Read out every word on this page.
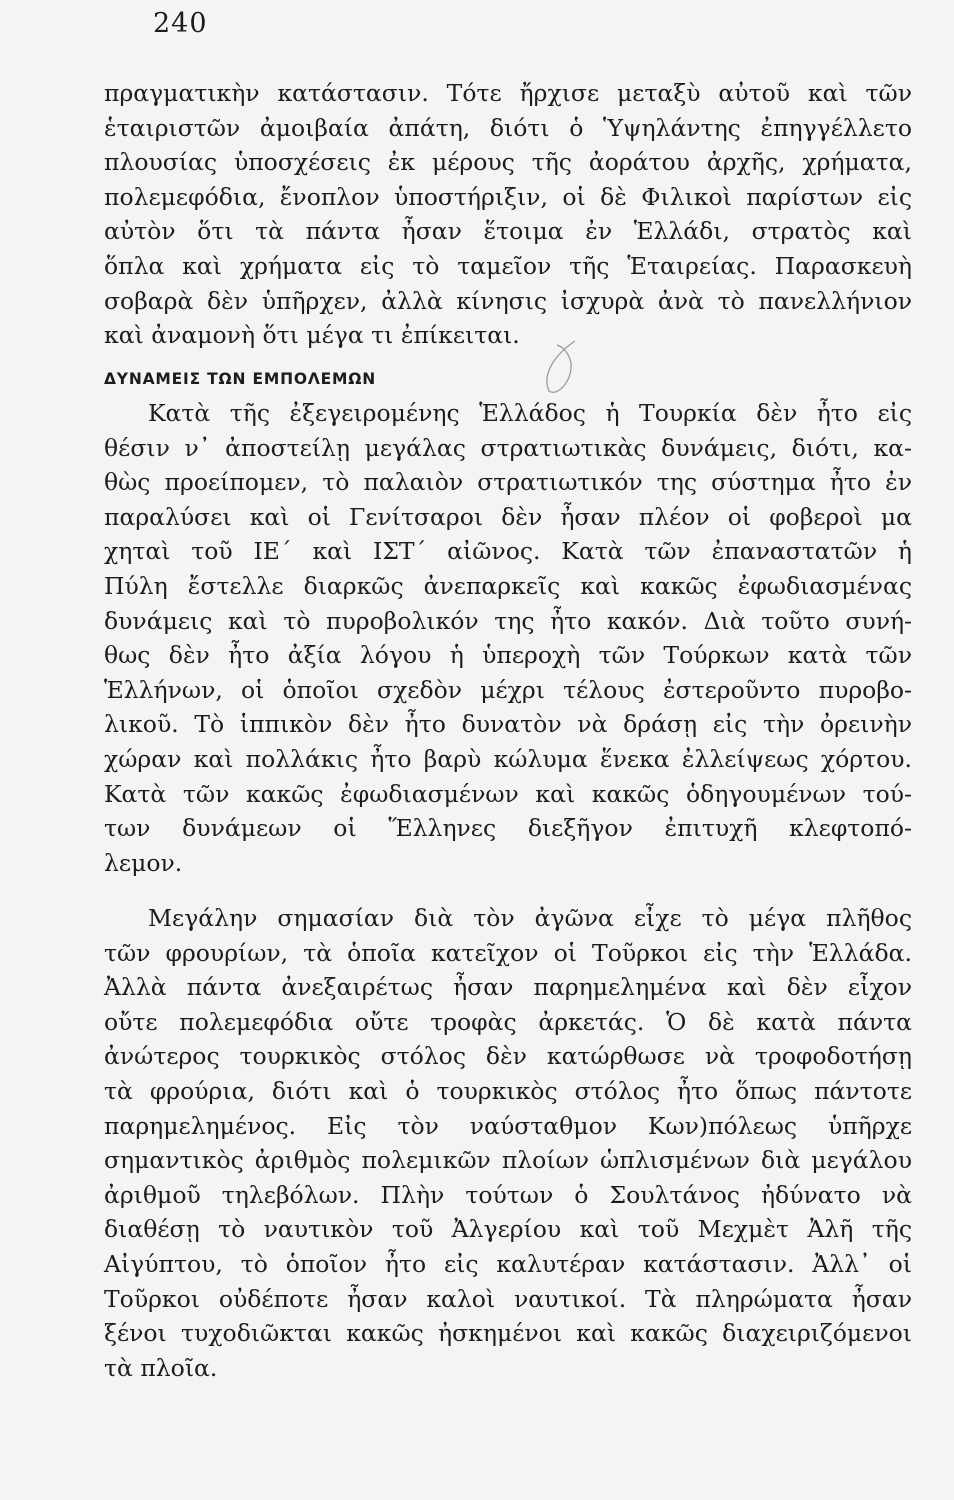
240
πραγματικὴν κατάστασιν. Τότε ἤρχισε μεταξὺ αὐτοῦ καὶ τῶν
ἑταιριστῶν ἀμοιβαία ἀπάτη, διότι ὁ Ὑψηλάντης ἐπηγγέλλετο
πλουσίας ὑποσχέσεις ἐκ μέρους τῆς ἀοράτου ἀρχῆς, χρήματα,
πολεμεφόδια, ἔνοπλον ὑποστήριξιν, οἱ δὲ Φιλικοὶ παρίστων εἰς
αὐτὸν ὅτι τὰ πάντα ἦσαν ἕτοιμα ἐν Ἑλλάδι, στρατὸς καὶ
ὅπλα καὶ χρήματα εἰς τὸ ταμεῖον τῆς Ἑταιρείας. Παρασκευὴ
σοβαρὰ δὲν ὑπῆρχεν, ἀλλὰ κίνησις ἰσχυρὰ ἀνὰ τὸ πανελλήνιον
καὶ ἀναμονὴ ὅτι μέγα τι ἐπίκειται.
ΔΥΝΑΜΕΙΣ ΤΩΝ ΕΜΠΟΛΕΜΩΝ
Κατὰ τῆς ἐξεγειρομένης Ἑλλάδος ἡ Τουρκία δὲν ἦτο εἰς
θέσιν ν᾽ ἀποστείλῃ μεγάλας στρατιωτικὰς δυνάμεις, διότι, κα-
θὼς προείπομεν, τὸ παλαιὸν στρατιωτικόν της σύστημα ἦτο ἐν
παραλύσει καὶ οἱ Γενίτσαροι δὲν ἦσαν πλέον οἱ φοβεροὶ μα
χηταὶ τοῦ ΙΕ΄ καὶ ΙΣΤ΄ αἰῶνος. Κατὰ τῶν ἐπαναστατῶν ἡ
Πύλη ἔστελλε διαρκῶς ἀνεπαρκεῖς καὶ κακῶς ἐφωδιασμένας
δυνάμεις καὶ τὸ πυροβολικόν της ἦτο κακόν. Διὰ τοῦτο συνή-
θως δὲν ἦτο ἀξία λόγου ἡ ὑπεροχὴ τῶν Τούρκων κατὰ τῶν
Ἑλλήνων, οἱ ὁποῖοι σχεδὸν μέχρι τέλους ἐστεροῦντο πυροβο-
λικοῦ. Τὸ ἱππικὸν δὲν ἦτο δυνατὸν νὰ δράσῃ εἰς τὴν ὀρεινὴν
χώραν καὶ πολλάκις ἦτο βαρὺ κώλυμα ἕνεκα ἐλλείψεως χόρτου.
Κατὰ τῶν κακῶς ἐφωδιασμένων καὶ κακῶς ὁδηγουμένων τού-
των δυνάμεων οἱ Ἕλληνες διεξῆγον ἐπιτυχῆ κλεφτοπό-
λεμον.
Μεγάλην σημασίαν διὰ τὸν ἀγῶνα εἶχε τὸ μέγα πλῆθος
τῶν φρουρίων, τὰ ὁποῖα κατεῖχον οἱ Τοῦρκοι εἰς τὴν Ἑλλάδα.
Ἀλλὰ πάντα ἀνεξαιρέτως ἦσαν παρημελημένα καὶ δὲν εἶχον
οὔτε πολεμεφόδια οὔτε τροφὰς ἀρκετάς. Ὁ δὲ κατὰ πάντα
ἀνώτερος τουρκικὸς στόλος δὲν κατώρθωσε νὰ τροφοδοτήσῃ
τὰ φρούρια, διότι καὶ ὁ τουρκικὸς στόλος ἦτο ὅπως πάντοτε
παρημελημένος. Εἰς τὸν ναύσταθμον Κων)πόλεως ὑπῆρχε
σημαντικὸς ἀριθμὸς πολεμικῶν πλοίων ὡπλισμένων διὰ μεγάλου
ἀριθμοῦ τηλεβόλων. Πλὴν τούτων ὁ Σουλτάνος ἠδύνατο νὰ
διαθέσῃ τὸ ναυτικὸν τοῦ Ἀλγερίου καὶ τοῦ Μεχμὲτ Ἀλῆ τῆς
Αἰγύπτου, τὸ ὁποῖον ἦτο εἰς καλυτέραν κατάστασιν. Ἀλλ᾽ οἱ
Τοῦρκοι οὐδέποτε ἦσαν καλοὶ ναυτικοί. Τὰ πληρώματα ἦσαν
ξένοι τυχοδιῶκται κακῶς ἠσκημένοι καὶ κακῶς διαχειριζόμενοι
τὰ πλοῖα.
